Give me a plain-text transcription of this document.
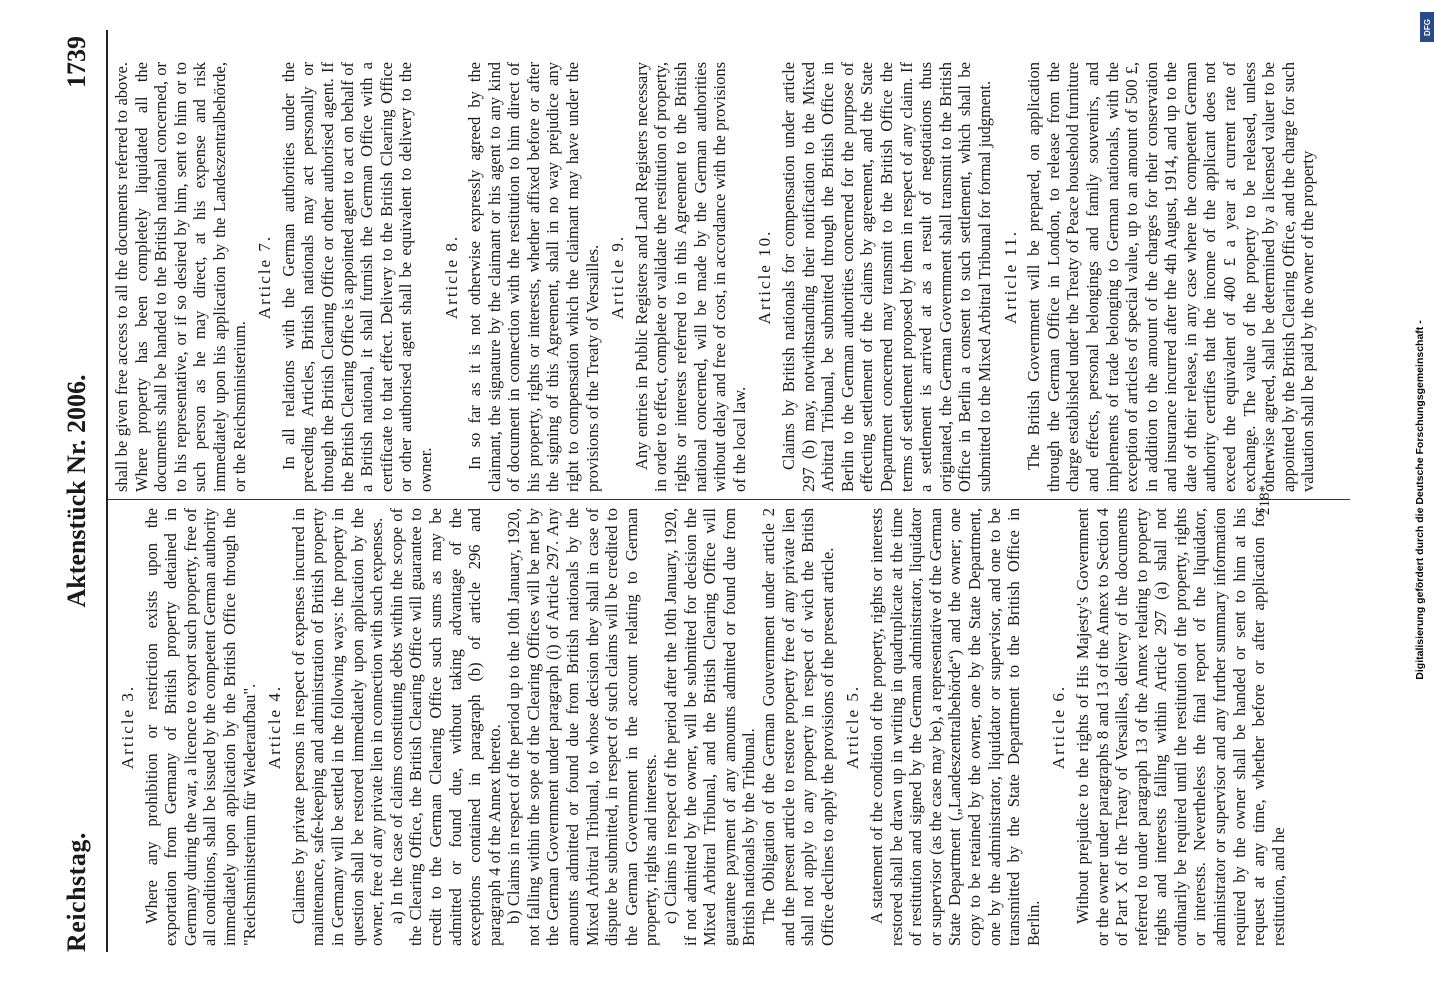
Reichstag.
Aktenstück Nr. 2006.
1739
Article 3. Where any prohibition or restriction exists upon the exportation from Germany of British property detained in Germany during the war, a licence to export such property, free of all conditions, shall be issued by the competent German authority immediately upon application by the British Office through the "Reichsministerium für Wiederaufbau". Article 4. Claimes by private persons in respect of expenses incurred in maintenance, safe-keeping and administration of British property in Germany will be settled in the following ways: the property in question shall be restored immediately upon application by the owner, free of any private lien in connection with such expenses. a) In the case of claims constituting debts within the scope of the Clearing Office, the British Clearing Office will guarantee to credit to the German Clearing Office such sums as may be admitted or found due, without taking advantage of the exceptions contained in paragraph (b) of article 296 and paragraph 4 of the Annex thereto. b) Claims in respect of the period up to the 10th January, 1920, not falling within the sope of the Clearing Offices will be met by the German Government under paragraph (i) of Article 297. Any amounts admitted or found due from British nationals by the Mixed Arbitral Tribunal, to whose decision they shall in case of dispute be submitted, in respect of such claims will be credited to the German Government in the account relating to German property, rights and interests. c) Claims in respect of the period after the 10th January, 1920, if not admitted by the owner, will be submitted for decision the Mixed Arbitral Tribunal, and the British Clearing Office will guarantee payment of any amounts admitted or found due from British nationals by the Tribunal. The Obligation of the German Gouvernment under article 2 and the present article to restore property free of any private lien shall not apply to any property in respect of wich the British Office declines to apply the provisions of the present article. Article 5. A statement of the condition of the property, rights or interests restored shall be drawn up in writing in quadruplicate at the time of restitution and signed by the German administrator, liquidator or supervisor (as the case may be), a representative of the German State Department („Landeszentralbehörde“) and the owner; one copy to be retained by the owner, one by the State Department, one by the administrator, liquidator or supervisor, and one to be transmitted by the State Department to the British Office in Berlin.

Article 6. Without prejudice to the rights of His Majesty's Government or the owner under paragraphs 8 and 13 of the Annex to Section 4 of Part X of the Treaty of Versailles, delivery of the documents referred to under paragraph 13 of the Annex relating to property rights and interests falling within Article 297 (a) shall not ordinarily be required until the restitution of the property, rights or interests. Nevertheless the final report of the liquidator, administrator or supervisor and any further summary information required by the owner shall be handed or sent to him at his request at any time, whether before or after application for restitution, and he

shall be given free access to all the documents referred to above. Where property has been completely liquidated all the documents shall be handed to the British national concerned, or to his representative, or if so desired by him, sent to him or to such person as he may direct, at his expense and risk immediately upon his application by the Landeszentralbehörde, or the Reichsministerium.

Article 7. In all relations with the German authorities under the preceding Articles, British nationals may act personally or through the British Clearing Office or other authorised agent. If the British Clearing Office is appointed agent to act on behalf of a British national, it shall furnish the German Office with a certificate to that effect. Delivery to the British Clearing Office or other authorised agent shall be equivalent to delivery to the owner.

Article 8. In so far as it is not otherwise expressly agreed by the claimant, the signature by the claimant or his agent to any kind of document in connection with the restitution to him direct of his property, rights or interests, whether affixed before or after the signing of this Agreement, shall in no way prejudice any right to compensation which the claimant may have under the provisions of the Treaty of Versailles. Article 9. Any entries in Public Registers and Land Registers necessary in order to effect, complete or validate the restitution of property, rights or interests referred to in this Agreement to the British national concerned, will be made by the German authorities without delay and free of cost, in accordance with the provisions of the local law.

Article 10. Claims by British nationals for compensation under article 297 (b) may, notwithstanding their notification to the Mixed Arbitral Tribunal, be submitted through the British Office in Berlin to the German authorities concerned for the purpose of effecting settlement of the claims by agreement, and the State Department concerned may transmit to the British Office the terms of settlement proposed by them in respect of any claim. If a settlement is arrived at as a result of negotiations thus originated, the German Government shall transmit to the British Office in Berlin a consent to such settlement, which shall be submitted to the Mixed Arbitral Tribunal for formal judgment. Article 11. The British Government will be prepared, on application through the German Office in London, to release from the charge established under the Treaty of Peace household furniture and effects, personal belongings and family souvenirs, and implements of trade belonging to German nationals, with the exception of articles of special value, up to an amount of 500 £, in addition to the amount of the charges for their conservation and insurance incurred after the 4th August, 1914, and up to the date of their release, in any case where the competent German authority certifies that the income of the applicant does not exceed the equivalent of 400 £ a year at current rate of exchange. The value of the property to be released, unless otherwise agreed, shall be determined by a licensed valuer to be appointed by the British Clearing Office, and the charge for such valuation shall be paid by the owner of the property

218*	Digitalisierung gefördert durch die Deutsche Forschungsgemeinschaft -
DFG
